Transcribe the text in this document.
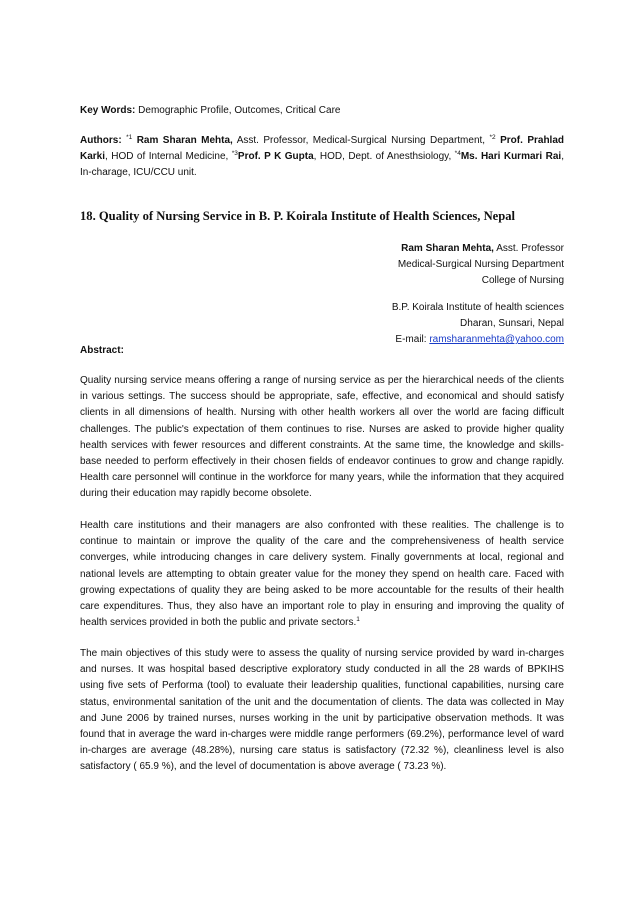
Key Words: Demographic Profile, Outcomes, Critical Care
Authors: $^{*1}$ Ram Sharan Mehta, Asst. Professor, Medical-Surgical Nursing Department, $^{*2}$ Prof. Prahlad Karki, HOD of Internal Medicine, $^{*3}$Prof. P K Gupta, HOD, Dept. of Anesthsiology, $^{*4}$Ms. Hari Kurmari Rai, In-charage, ICU/CCU unit.
18. Quality of Nursing Service in B. P. Koirala Institute of Health Sciences, Nepal
Ram Sharan Mehta, Asst. Professor
Medical-Surgical Nursing Department
College of Nursing
B.P. Koirala Institute of health sciences
Dharan, Sunsari, Nepal
E-mail: ramsharanmehta@yahoo.com
Abstract:
Quality nursing service means offering a range of nursing service as per the hierarchical needs of the clients in various settings. The success should be appropriate, safe, effective, and economical and should satisfy clients in all dimensions of health. Nursing with other health workers all over the world are facing difficult challenges. The public's expectation of them continues to rise. Nurses are asked to provide higher quality health services with fewer resources and different constraints. At the same time, the knowledge and skills-base needed to perform effectively in their chosen fields of endeavor continues to grow and change rapidly. Health care personnel will continue in the workforce for many years, while the information that they acquired during their education may rapidly become obsolete.
Health care institutions and their managers are also confronted with these realities. The challenge is to continue to maintain or improve the quality of the care and the comprehensiveness of health service converges, while introducing changes in care delivery system. Finally governments at local, regional and national levels are attempting to obtain greater value for the money they spend on health care. Faced with growing expectations of quality they are being asked to be more accountable for the results of their health care expenditures. Thus, they also have an important role to play in ensuring and improving the quality of health services provided in both the public and private sectors.$^1$
The main objectives of this study were to assess the quality of nursing service provided by ward in-charges and nurses. It was hospital based descriptive exploratory study conducted in all the 28 wards of BPKIHS using five sets of Performa (tool) to evaluate their leadership qualities, functional capabilities, nursing care status, environmental sanitation of the unit and the documentation of clients. The data was collected in May and June 2006 by trained nurses, nurses working in the unit by participative observation methods. It was found that in average the ward in-charges were middle range performers (69.2%), performance level of ward in-charges are average (48.28%), nursing care status is satisfactory (72.32 %), cleanliness level is also satisfactory ( 65.9 %), and the level of documentation is above average ( 73.23 %).
